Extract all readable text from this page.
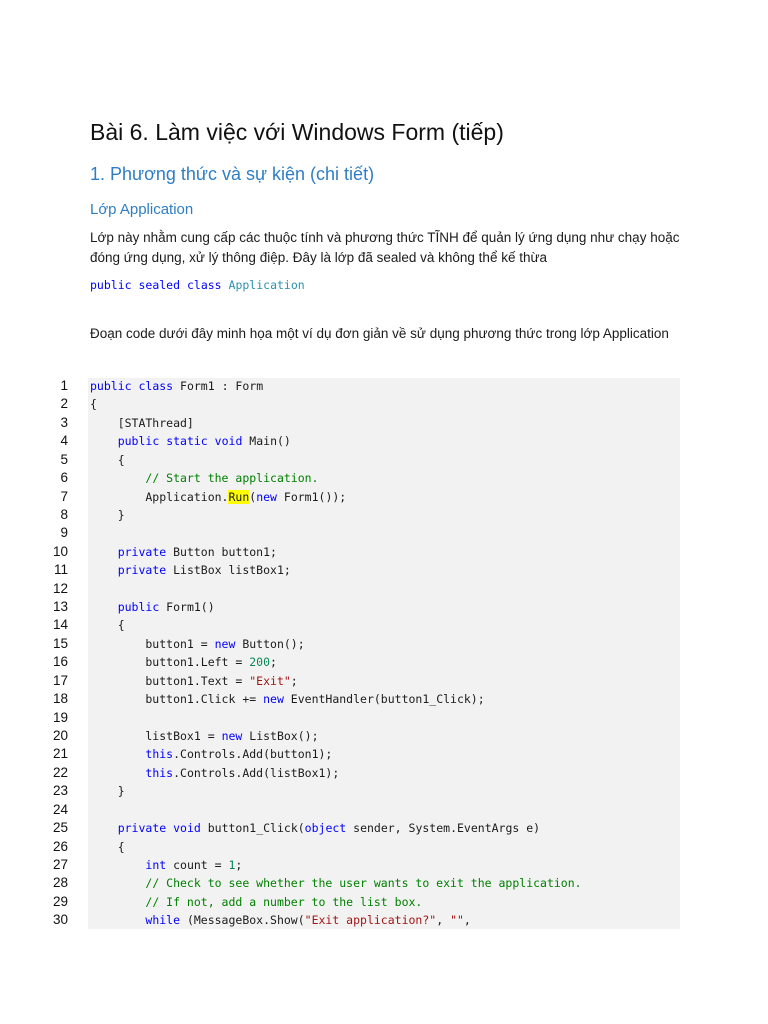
Bài 6. Làm việc với Windows Form (tiếp)
1. Phương thức và sự kiện (chi tiết)
Lớp Application
Lớp này nhằm cung cấp các thuộc tính và phương thức TĨNH để quản lý ứng dụng như chạy hoặc đóng ứng dụng, xử lý thông điệp. Đây là lớp đã sealed và không thể kế thừa
public sealed class Application
Đoạn code dưới đây minh họa một ví dụ đơn giản về sử dụng phương thức trong lớp Application
1
2
3
4
5
6
7
8
9
10
11
12
13
14
15
16
17
18
19
20
21
22
23
24
25
26
27
28
29
30
public class Form1 : Form
{
[STAThread]
public static void Main()
{
// Start the application.
Application.Run(new Form1());
}
private Button button1;
private ListBox listBox1;
public Form1()
{
button1 = new Button();
button1.Left = 200;
button1.Text = "Exit";
button1.Click += new EventHandler(button1_Click);
listBox1 = new ListBox();
this.Controls.Add(button1);
this.Controls.Add(listBox1);
}
private void button1_Click(object sender, System.EventArgs e)
{
int count = 1;
// Check to see whether the user wants to exit the application.
// If not, add a number to the list box.
while (MessageBox.Show("Exit application?", "",
